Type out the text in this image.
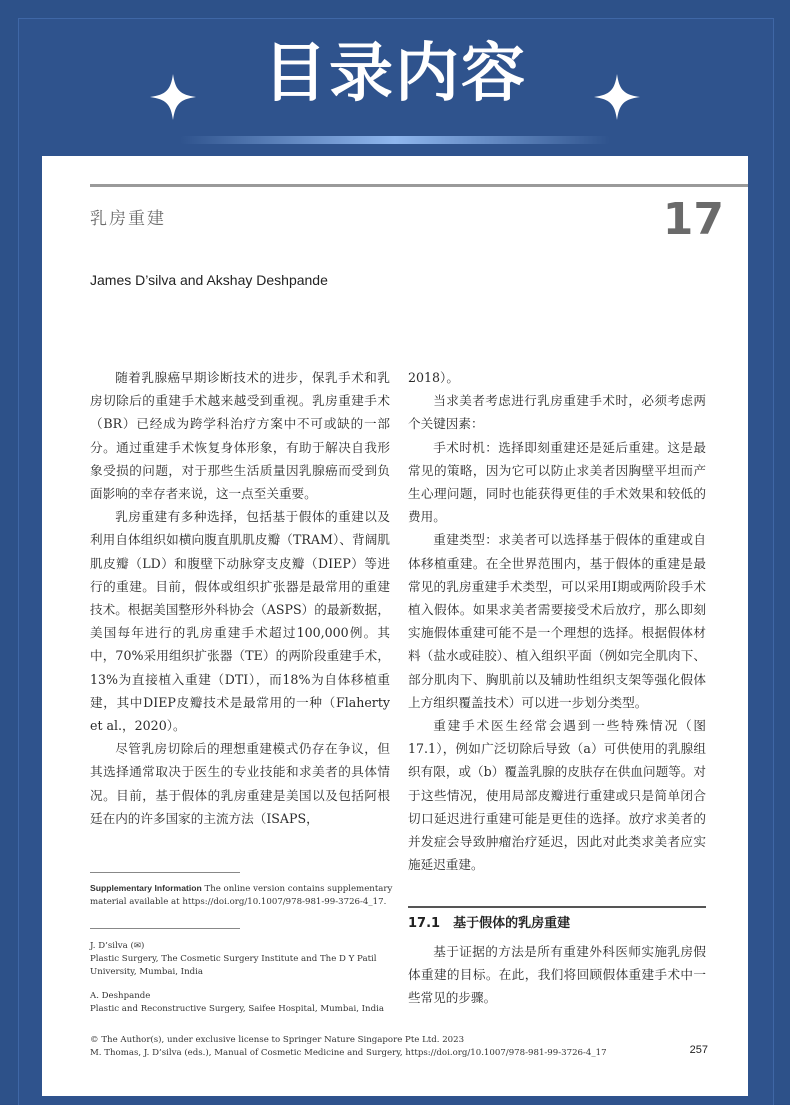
目录内容
乳房重建	17
James D’silva and Akshay Deshpande

随着乳腺癌早期诊断技术的进步，保乳手术和乳房切除后的重建手术越来越受到重视。乳房重建手术（BR）已经成为跨学科治疗方案中不可或缺的一部分。通过重建手术恢复身体形象，有助于解决自我形象受损的问题，对于那些生活质量因乳腺癌而受到负面影响的幸存者来说，这一点至关重要。

乳房重建有多种选择，包括基于假体的重建以及利用自体组织如横向腹直肌肌皮瓣（TRAM）、背阔肌肌皮瓣（LD）和腹壁下动脉穿支皮瓣（DIEP）等进行的重建。目前，假体或组织扩张器是最常用的重建技术。根据美国整形外科协会（ASPS）的最新数据，美国每年进行的乳房重建手术超过100,000例。其中，70%采用组织扩张器（TE）的两阶段重建手术，13%为直接植入重建（DTI），而18%为自体移植重建，其中DIEP皮瓣技术是最常用的一种（Flaherty et al.，2020）。

尽管乳房切除后的理想重建模式仍存在争议，但其选择通常取决于医生的专业技能和求美者的具体情况。目前，基于假体的乳房重建是美国以及包括阿根廷在内的许多国家的主流方法（ISAPS，

2018）。

当求美者考虑进行乳房重建手术时，必须考虑两个关键因素：

手术时机：选择即刻重建还是延后重建。这是最常见的策略，因为它可以防止求美者因胸壁平坦而产生心理问题，同时也能获得更佳的手术效果和较低的费用。

重建类型：求美者可以选择基于假体的重建或自体移植重建。在全世界范围内，基于假体的重建是最常见的乳房重建手术类型，可以采用Ⅰ期或两阶段手术植入假体。如果求美者需要接受术后放疗，那么即刻实施假体重建可能不是一个理想的选择。根据假体材料（盐水或硅胶）、植入组织平面（例如完全肌肉下、部分肌肉下、胸肌前以及辅助性组织支架等强化假体上方组织覆盖技术）可以进一步划分类型。

重建手术医生经常会遇到一些特殊情况（图17.1），例如广泛切除后导致（a）可供使用的乳腺组织有限，或（b）覆盖乳腺的皮肤存在供血问题等。对于这些情况，使用局部皮瓣进行重建或只是简单闭合切口延迟进行重建可能是更佳的选择。放疗求美者的并发症会导致肿瘤治疗延迟，因此对此类求美者应实施延迟重建。

Supplementary Information The online version contains supplementary material available at https://doi.org/10.1007/978-981-99-3726-4_17.
J. D’silva (✉)
Plastic Surgery, The Cosmetic Surgery Institute and The D Y Patil University, Mumbai, India
A. Deshpande
Plastic and Reconstructive Surgery, Saifee Hospital, Mumbai, India
17.1　基于假体的乳房重建

基于证据的方法是所有重建外科医师实施乳房假体重建的目标。在此，我们将回顾假体重建手术中一些常见的步骤。

© The Author(s), under exclusive license to Springer Nature Singapore Pte Ltd. 2023
M. Thomas, J. D’silva (eds.), Manual of Cosmetic Medicine and Surgery, https://doi.org/10.1007/978-981-99-3726-4_17	257
